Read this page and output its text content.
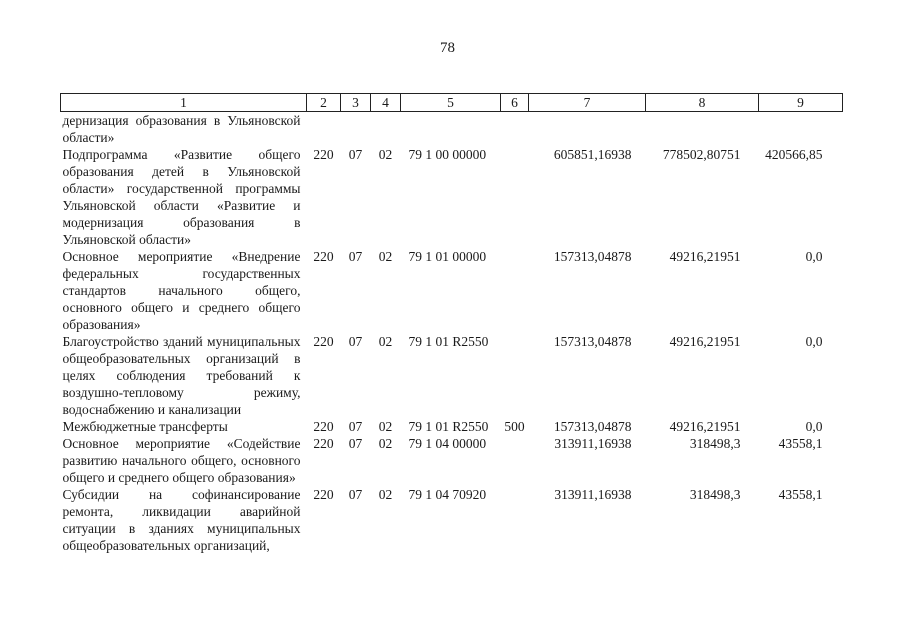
78
1	2	3	4	5	6	7	8	9
дернизация образования в Ульяновской области»								
Подпрограмма «Развитие общего образования детей в Ульяновской области» государственной программы Ульяновской области «Развитие и модернизация образования в Ульяновской области»	220	07	02	79 1 00 00000		605851,16938	778502,80751	420566,85
Основное мероприятие «Внедрение федеральных государственных стандартов начального общего, основного общего и среднего общего образования»	220	07	02	79 1 01 00000		157313,04878	49216,21951	0,0
Благоустройство зданий муниципальных общеобразовательных организаций в целях соблюдения требований к воздушно-тепловому режиму, водоснабжению и канализации	220	07	02	79 1 01 R2550		157313,04878	49216,21951	0,0
Межбюджетные трансферты	220	07	02	79 1 01 R2550	500	157313,04878	49216,21951	0,0
Основное мероприятие «Содействие развитию начального общего, основного общего и среднего общего образования»	220	07	02	79 1 04 00000		313911,16938	318498,3	43558,1
Субсидии на софинансирование ремонта, ликвидации аварийной ситуации в зданиях муниципальных общеобразовательных организаций,	220	07	02	79 1 04 70920		313911,16938	318498,3	43558,1
